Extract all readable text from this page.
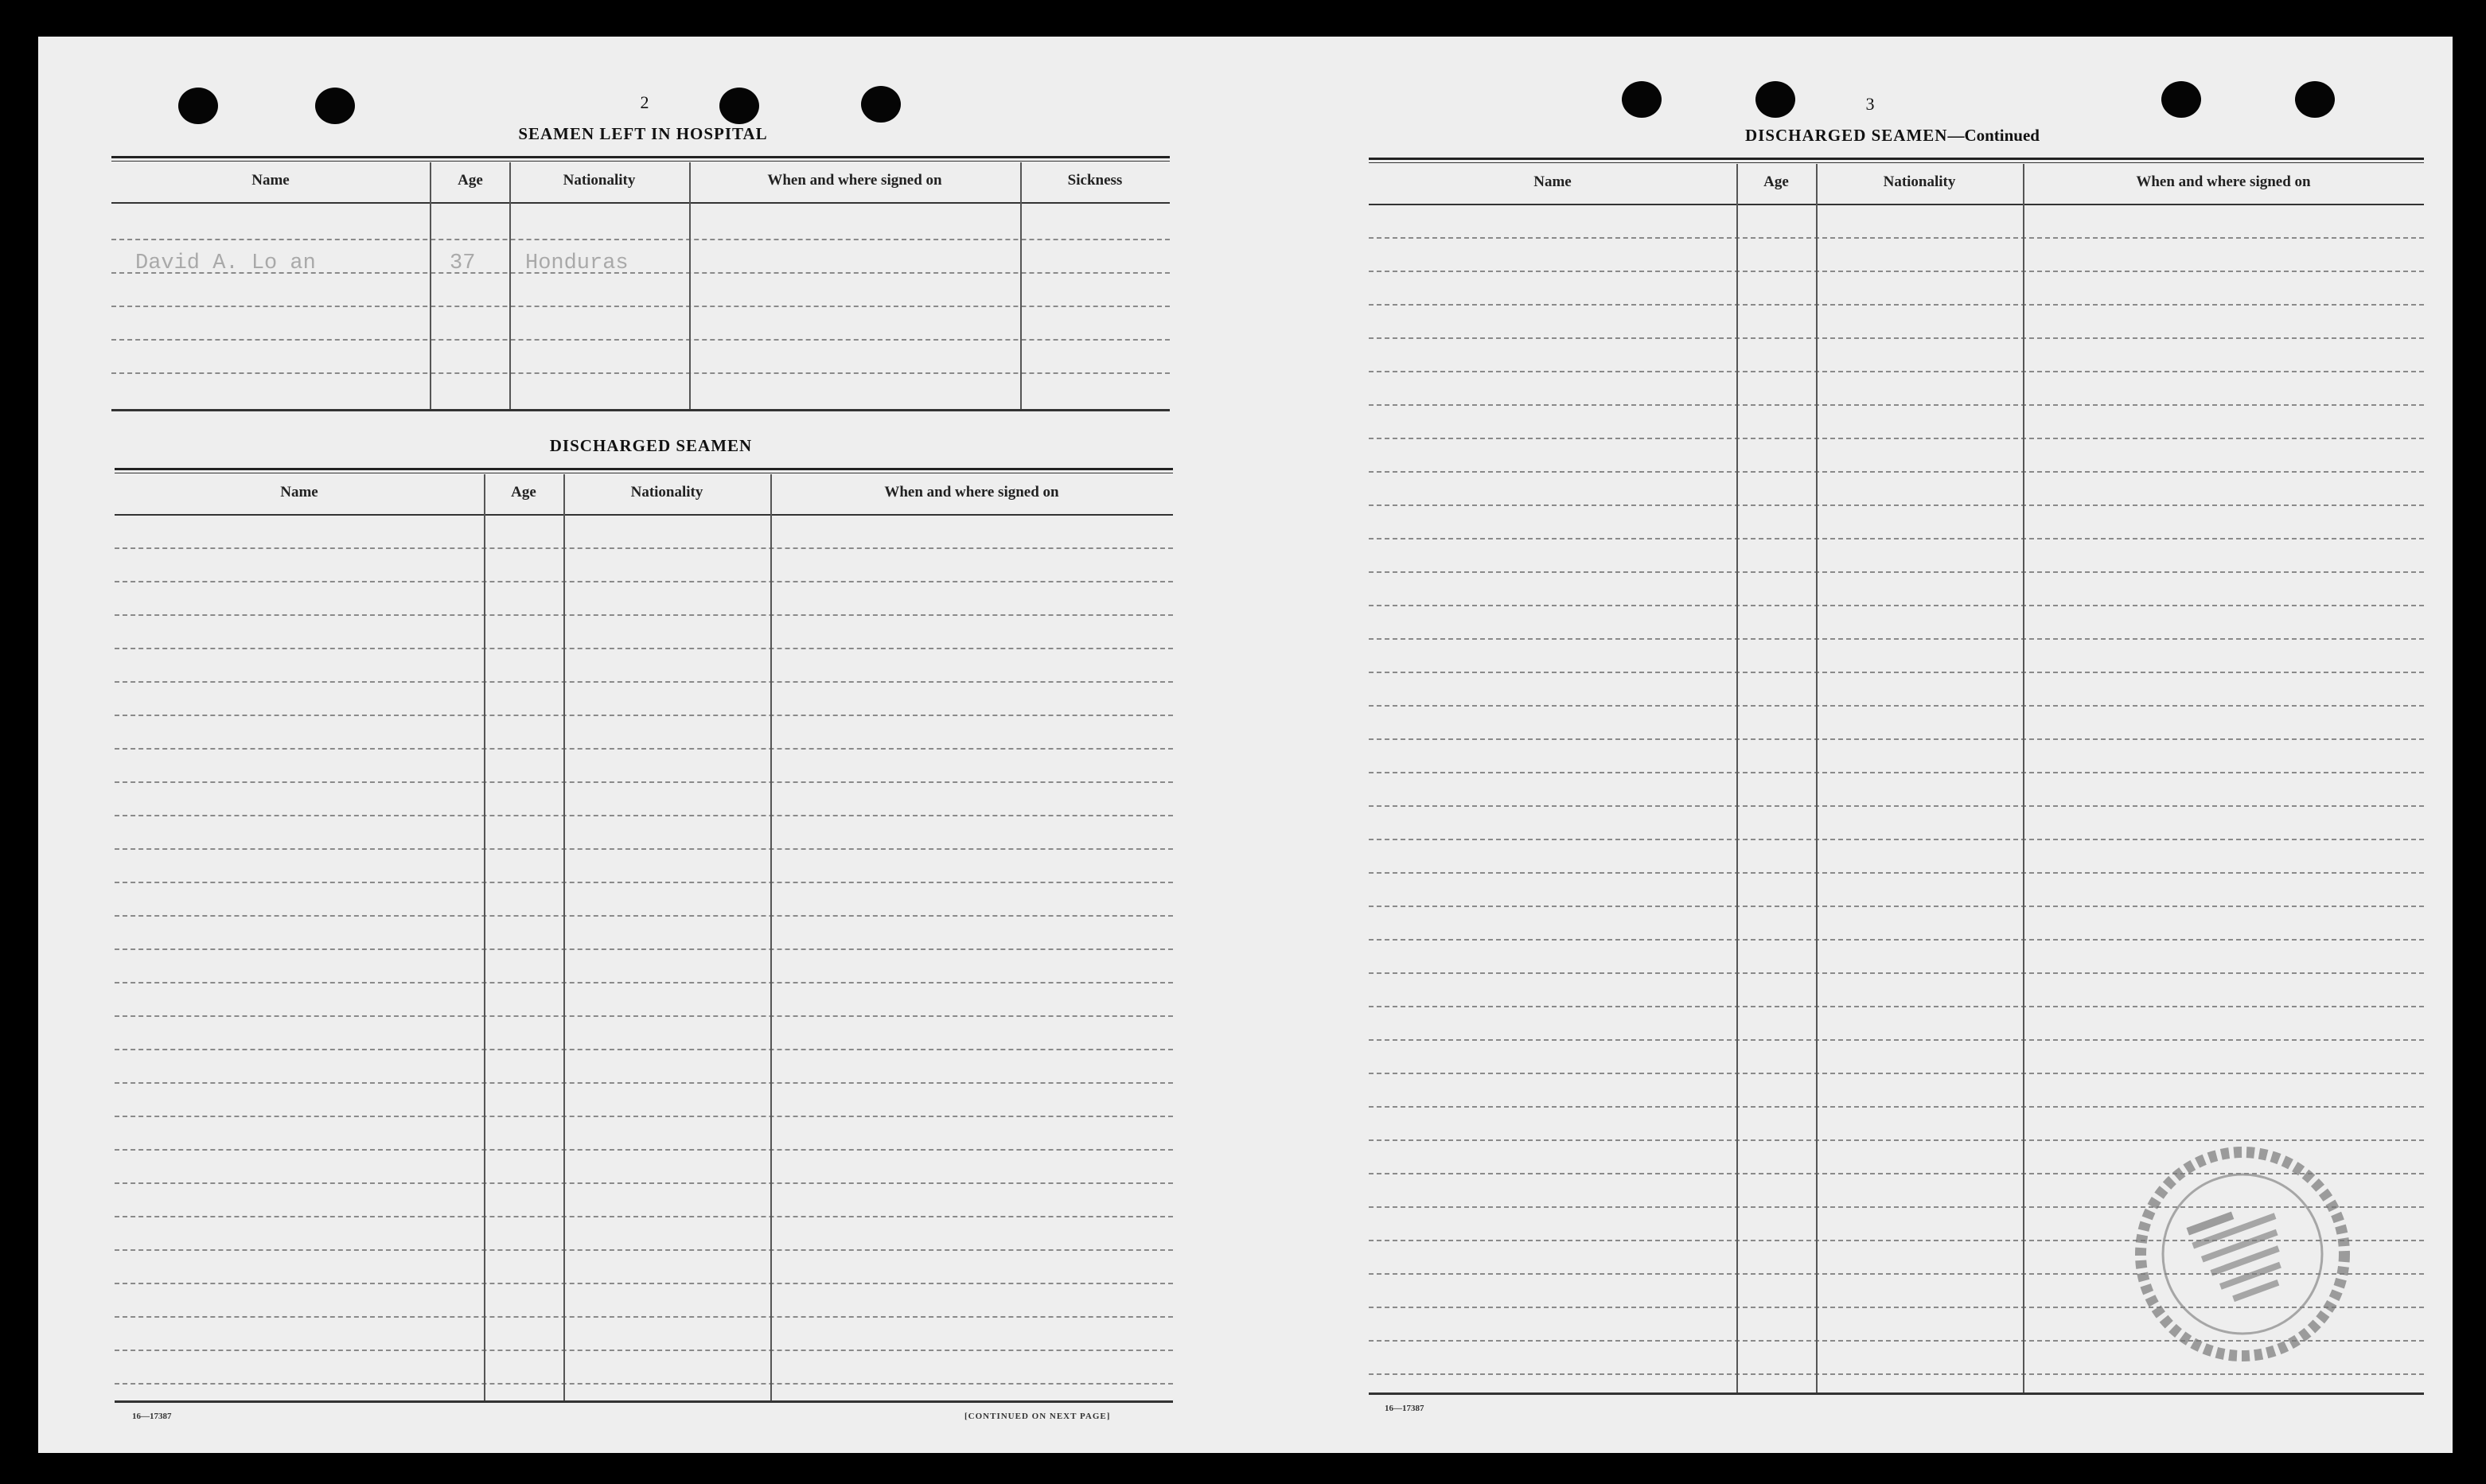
2
SEAMEN LEFT IN HOSPITAL
Name	Age	Nationality	When and where signed on	Sickness
David A. Lo an	37 Honduras
DISCHARGED SEAMEN
Name	Age	Nationality	When and where signed on
16—17387	[CONTINUED ON NEXT PAGE]
3
DISCHARGED SEAMEN—Continued
Name	Age	Nationality	When and where signed on
16—17387
